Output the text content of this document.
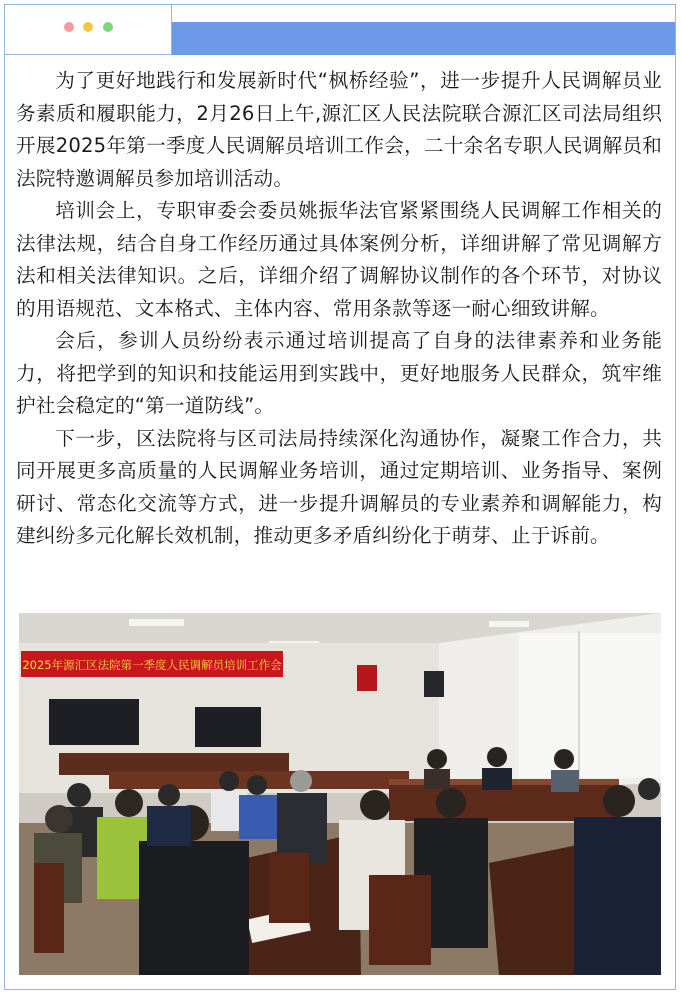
为了更好地践行和发展新时代“枫桥经验”，进一步提升人民调解员业务素质和履职能力，2月26日上午,源汇区人民法院联合源汇区司法局组织开展2025年第一季度人民调解员培训工作会，二十余名专职人民调解员和法院特邀调解员参加培训活动。

培训会上，专职审委会委员姚振华法官紧紧围绕人民调解工作相关的法律法规，结合自身工作经历通过具体案例分析，详细讲解了常见调解方法和相关法律知识。之后，详细介绍了调解协议制作的各个环节，对协议的用语规范、文本格式、主体内容、常用条款等逐一耐心细致讲解。

会后，参训人员纷纷表示通过培训提高了自身的法律素养和业务能力，将把学到的知识和技能运用到实践中，更好地服务人民群众，筑牢维护社会稳定的“第一道防线”。

下一步，区法院将与区司法局持续深化沟通协作，凝聚工作合力，共同开展更多高质量的人民调解业务培训，通过定期培训、业务指导、案例研讨、常态化交流等方式，进一步提升调解员的专业素养和调解能力，构建纠纷多元化解长效机制，推动更多矛盾纠纷化于萌芽、止于诉前。

2025年源汇区法院第一季度人民调解员培训工作会
